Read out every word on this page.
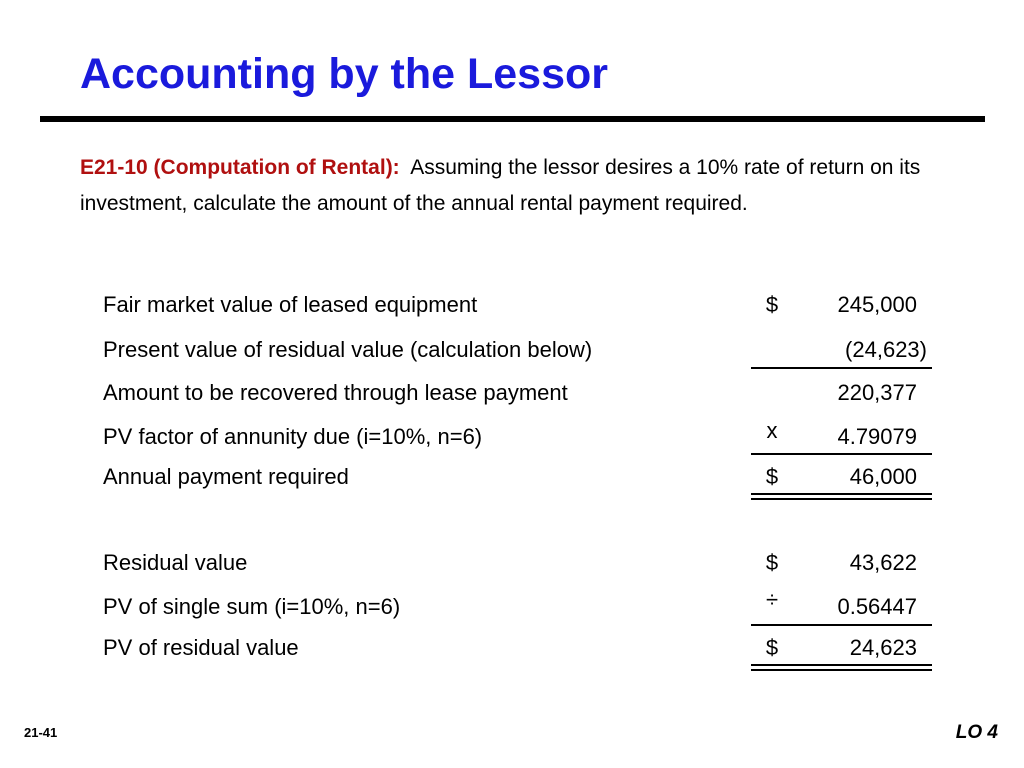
Accounting by the Lessor

E21-10 (Computation of Rental): Assuming the lessor desires a 10% rate of return on its investment, calculate the amount of the annual rental payment required.

Fair market value of leased equipment	$	245,000
Present value of residual value (calculation below)	(24,623)
Amount to be recovered through lease payment	220,377
PV factor of annunity due (i=10%, n=6)	x	4.79079
Annual payment required	$	46,000
Residual value	$	43,622
PV of single sum (i=10%, n=6)	÷	0.56447
PV of residual value	$	24,623
21-41	LO 4
